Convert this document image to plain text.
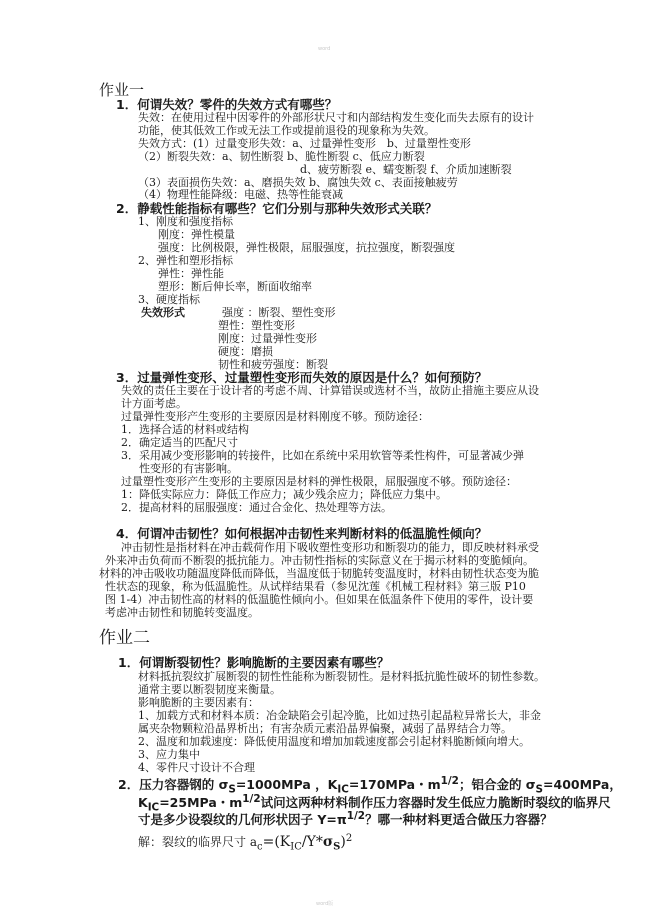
word
作业一
1．何谓失效？零件的失效方式有哪些？
失效：在使用过程中因零件的外部形状尺寸和内部结构发生变化而失去原有的设计
功能，使其低效工作或无法工作或提前退役的现象称为失效。
失效方式：(1）过量变形失效：a、过量弹性变形　b、过量塑性变形
（2）断裂失效：a、韧性断裂 b、脆性断裂 c、低应力断裂
d、疲劳断裂 e、蠕变断裂 f、介质加速断裂
（3）表面损伤失效：a、磨损失效 b、腐蚀失效 c、表面接触疲劳
（4）物理性能降级：电磁、热等性能衰减
2．静载性能指标有哪些？它们分别与那种失效形式关联？
1、刚度和强度指标
刚度：弹性模量
强度：比例极限，弹性极限，屈服强度，抗拉强度，断裂强度
2、弹性和塑形指标
弹性：弹性能
塑形：断后伸长率，断面收缩率
3、硬度指标
失效形式	强度 ：断裂、塑性变形
塑性：塑性变形
刚度：过量弹性变形
硬度：磨损
韧性和疲劳强度：断裂
3．过量弹性变形、过量塑性变形而失效的原因是什么？如何预防？
失效的责任主要在于设计者的考虑不周、计算错误或选材不当，故防止措施主要应从设
计方面考虑。
过量弹性变形产生变形的主要原因是材料刚度不够。预防途径：
1．选择合适的材料或结构
2．确定适当的匹配尺寸
3．采用减少变形影响的转接件，比如在系统中采用软管等柔性构件，可显著减少弹
性变形的有害影响。
过量塑性变形产生变形的主要原因是材料的弹性极限，屈服强度不够。预防途径：
1：降低实际应力：降低工作应力；减少残余应力；降低应力集中。
2．提高材料的屈服强度：通过合金化、热处理等方法。
4．何谓冲击韧性？如何根据冲击韧性来判断材料的低温脆性倾向？
冲击韧性是指材料在冲击载荷作用下吸收塑性变形功和断裂功的能力，即反映材料承受
外来冲击负荷而不断裂的抵抗能力。冲击韧性指标的实际意义在于揭示材料的变脆倾向。
材料的冲击吸收功随温度降低而降低，当温度低于韧脆转变温度时，材料由韧性状态变为脆
性状态的现象，称为低温脆性。从试样结果看（参见沈莲《机械工程材料》第三版 P10
图 1-4）冲击韧性高的材料的低温脆性倾向小。但如果在低温条件下使用的零件，设计要
考虑冲击韧性和韧脆转变温度。
作业二
1．何谓断裂韧性？影响脆断的主要因素有哪些？
材料抵抗裂纹扩展断裂的韧性性能称为断裂韧性。是材料抵抗脆性破坏的韧性参数。
通常主要以断裂韧度来衡量。
影响脆断的主要因素有：
1、加载方式和材料本质：冶金缺陷会引起冷脆，比如过热引起晶粒异常长大，非金
属夹杂物颗粒沿晶界析出；有害杂质元素沿晶界偏聚，减弱了晶界结合力等。
2、温度和加载速度：降低使用温度和增加加载速度都会引起材料脆断倾向增大。
3、应力集中
4、零件尺寸设计不合理
2．压力容器钢的 $\sigma_S=1000MPa$ ，$K_{IC}=170MPa$・$m^{1/2}$；铝合金的 $\sigma_S=400MPa$，
$K_{IC}=25MPa$・$m^{1/2}$试问这两种材料制作压力容器时发生低应力脆断时裂纹的临界尺
寸是多少设裂纹的几何形状因子 $Y=\pi^{1/2}$？哪一种材料更适合做压力容器？
解：裂纹的临界尺寸 $a_c=(K_{IC}/Y*\sigma_S)^2$
word版
